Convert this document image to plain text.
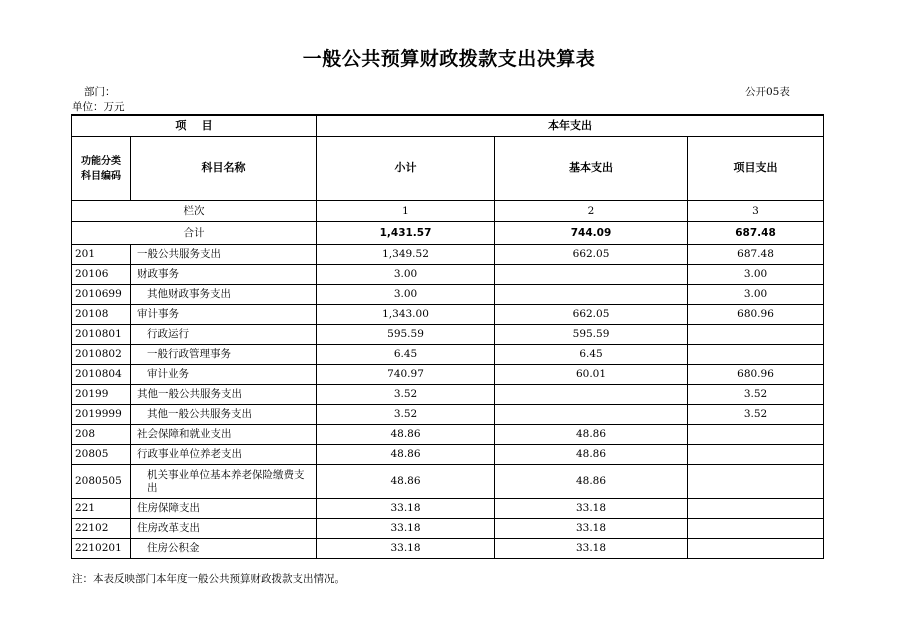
一般公共预算财政拨款支出决算表
部门：	公开05表
单位：万元
项    目		本年支出		
功能分类
科目编码	科目名称	小计	基本支出	项目支出
栏次		1	2	3
合计		1,431.57	744.09	687.48
201	一般公共服务支出	1,349.52	662.05	687.48
20106	财政事务	3.00		3.00
2010699	其他财政事务支出	3.00		3.00
20108	审计事务	1,343.00	662.05	680.96
2010801	行政运行	595.59	595.59	
2010802	一般行政管理事务	6.45	6.45	
2010804	审计业务	740.97	60.01	680.96
20199	其他一般公共服务支出	3.52		3.52
2019999	其他一般公共服务支出	3.52		3.52
208	社会保障和就业支出	48.86	48.86	
20805	行政事业单位养老支出	48.86	48.86	
2080505	机关事业单位基本养老保险缴费支出	48.86	48.86	
221	住房保障支出	33.18	33.18	
22102	住房改革支出	33.18	33.18	
2210201	住房公积金	33.18	33.18	
注：本表反映部门本年度一般公共预算财政拨款支出情况。
